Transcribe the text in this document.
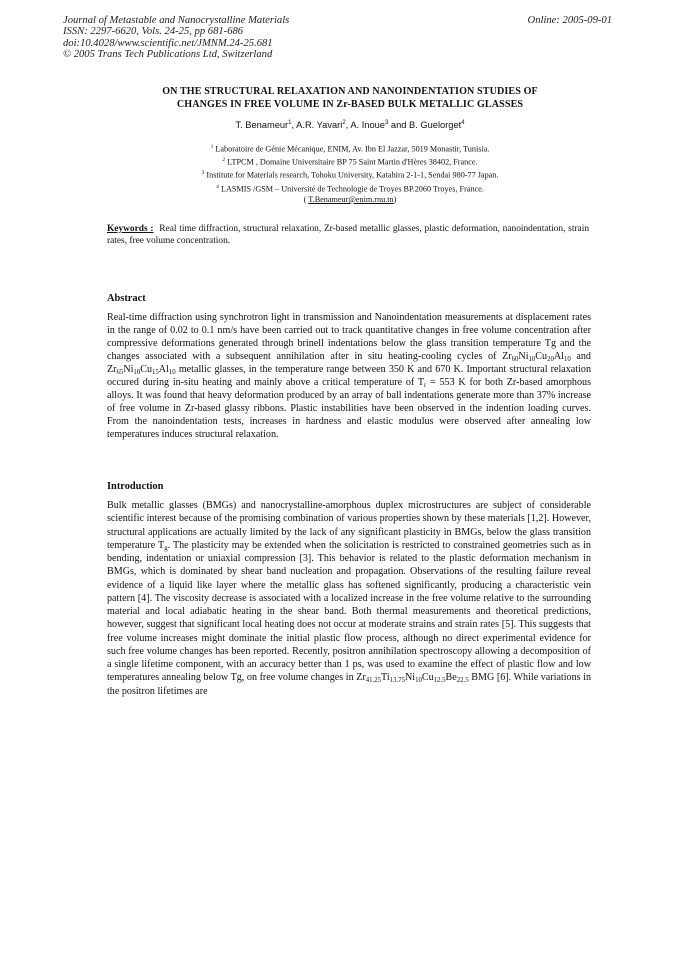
Journal of Metastable and Nanocrystalline Materials
ISSN: 2297-6620, Vols. 24-25, pp 681-686
doi:10.4028/www.scientific.net/JMNM.24-25.681
© 2005 Trans Tech Publications Ltd, Switzerland
Online: 2005-09-01
ON THE STRUCTURAL RELAXATION AND NANOINDENTATION STUDIES OF
CHANGES IN FREE VOLUME IN Zr-BASED BULK METALLIC GLASSES
T. Benameur$^1$, A.R. Yavari$^2$, A. Inoue$^3$ and B. Guelorget$^4$
$^1$ Laboratoire de Génie Mécanique, ENIM, Av. Ibn El Jazzar, 5019 Monastir, Tunisia.
$^2$ LTPCM , Domaine Universitaire BP 75 Saint Martin d'Hères 38402, France.
$^3$ Institute for Materials research, Tohoku University, Katahira 2-1-1, Sendai 980-77 Japan.
$^4$ LASMIS /GSM – Université de Technologie de Troyes BP.2060 Troyes, France.
( T.Benameur@enim.rnu.tn)
Keywords : Real time diffraction, structural relaxation, Zr-based metallic glasses, plastic deformation, nanoindentation, strain rates, free volume concentration.
Abstract
Real-time diffraction using synchrotron light in transmission and Nanoindentation measurements at displacement rates in the range of 0.02 to 0.1 nm/s have been carried out to track quantitative changes in free volume concentration after compressive deformations generated through brinell indentations below the glass transition temperature Tg and the changes associated with a subsequent annihilation after in situ heating-cooling cycles of $Zr_{60}Ni_{10}Cu_{20}Al_{10}$ and $Zr_{65}Ni_{10}Cu_{15}Al_{10}$ metallic glasses, in the temperature range between 350 K and 670 K. Important structural relaxation occured during in-situ heating and mainly above a critical temperature of $T_r = 553$ K for both Zr-based amorphous alloys. It was found that heavy deformation produced by an array of ball indentations generate more than 37% increase of free volume in Zr-based glassy ribbons. Plastic instabilities have been observed in the indention loading curves. From the nanoindentation tests, increases in hardness and elastic modulus were observed after annealing low temperatures induces structural relaxation.
Introduction
Bulk metallic glasses (BMGs) and nanocrystalline-amorphous duplex microstructures are subject of considerable scientific interest because of the promising combination of various properties shown by these materials [1,2]. However, structural applications are actually limited by the lack of any significant plasticity in BMGs, below the glass transition temperature $T_g$. The plasticity may be extended when the solicitation is restricted to constrained geometries such as in bending, indentation or uniaxial compression [3]. This behavior is related to the plastic deformation mechanism in BMGs, which is dominated by shear band nucleation and propagation. Observations of the resulting failure reveal evidence of a liquid like layer where the metallic glass has softened significantly, producing a characteristic vein pattern [4]. The viscosity decrease is associated with a localized increase in the free volume relative to the surrounding material and local adiabatic heating in the shear band. Both thermal measurements and theoretical predictions, however, suggest that significant local heating does not occur at moderate strains and strain rates [5]. This suggests that free volume increases might dominate the initial plastic flow process, although no direct experimental evidence for such free volume changes has been reported. Recently, positron annihilation spectroscopy allowing a decomposition of a single lifetime component, with an accuracy better than 1 ps, was used to examine the effect of plastic flow and low temperatures annealing below Tg, on free volume changes in $Zr_{41.25}Ti_{13.75}Ni_{10}Cu_{12.5}Be_{22.5}$ BMG [6]. While variations in the positron lifetimes are
